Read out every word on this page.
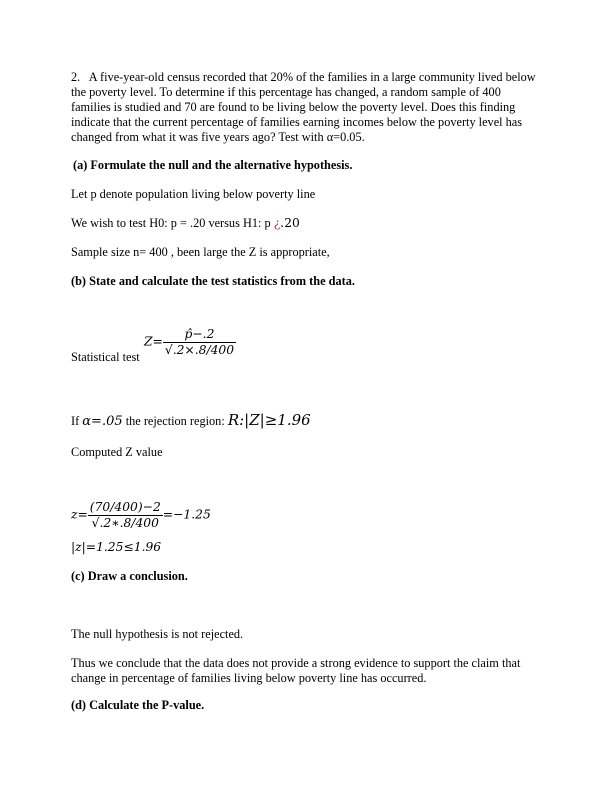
2. A five-year-old census recorded that 20% of the families in a large community lived below the poverty level. To determine if this percentage has changed, a random sample of 400 families is studied and 70 are found to be living below the poverty level. Does this finding indicate that the current percentage of families earning incomes below the poverty level has changed from what it was five years ago? Test with α=0.05.

(a) Formulate the null and the alternative hypothesis.

Let p denote population living below poverty line

We wish to test H0: p = .20 versus H1: p ¿.20

Sample size n= 400 , been large the Z is appropriate,

(b) State and calculate the test statistics from the data.

Statistical test

$Z= \frac{p̂-.2}{√.2\times.8/400}$

If α=.05 the rejection region: R:|Z|≥1.96

Computed Z value

$z= \frac{(70/400)-2}{√.2∗.8/400} =-1.25$

|z|=1.25≤1.96

(c) Draw a conclusion.

The null hypothesis is not rejected.

Thus we conclude that the data does not provide a strong evidence to support the claim that change in percentage of families living below poverty line has occurred.

(d) Calculate the P-value.
